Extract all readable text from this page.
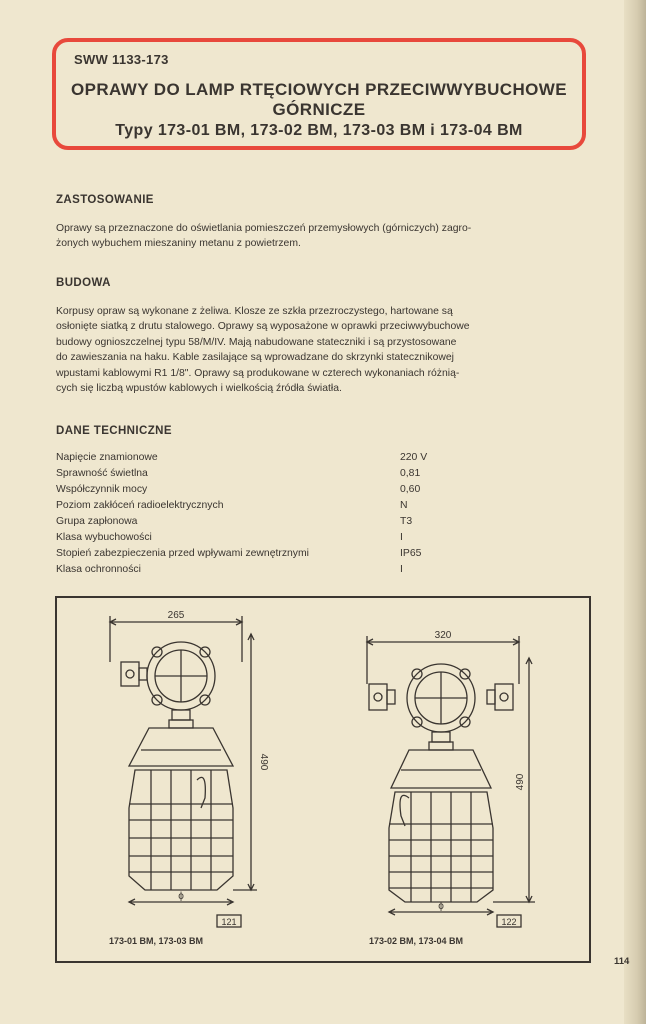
SWW 1133-173
OPRAWY DO LAMP RTĘCIOWYCH PRZECIWWYBUCHOWE
GÓRNICZE
Typy 173-01 BM, 173-02 BM, 173-03 BM i 173-04 BM
ZASTOSOWANIE
Oprawy są przeznaczone do oświetlania pomieszczeń przemysłowych (górniczych) zagro-
żonych wybuchem mieszaniny metanu z powietrzem.
BUDOWA
Korpusy opraw są wykonane z żeliwa. Klosze ze szkła przezroczystego, hartowane są
osłonięte siatką z drutu stalowego. Oprawy są wyposażone w oprawki przeciwwybuchowe
budowy ognioszczelnej typu 58/M/IV. Mają nabudowane stateczniki i są przystosowane
do zawieszania na haku. Kable zasilające są wprowadzane do skrzynki statecznikowej
wpustami kablowymi R1 1/8". Oprawy są produkowane w czterech wykonaniach różnią-
cych się liczbą wpustów kablowych i wielkością źródła światła.
DANE TECHNICZNE
Napięcie znamionowe	220 V
Sprawność świetlna	0,81
Współczynnik mocy	0,60
Poziom zakłóceń radioelektrycznych	N
Grupa zapłonowa	T3
Klasa wybuchowości	I
Stopień zabezpieczenia przed wpływami zewnętrznymi	IP65
Klasa ochronności	I
265
490
ϕ
121
320
490
ϕ
122
173-01 BM, 173-03 BM	173-02 BM, 173-04 BM
114
